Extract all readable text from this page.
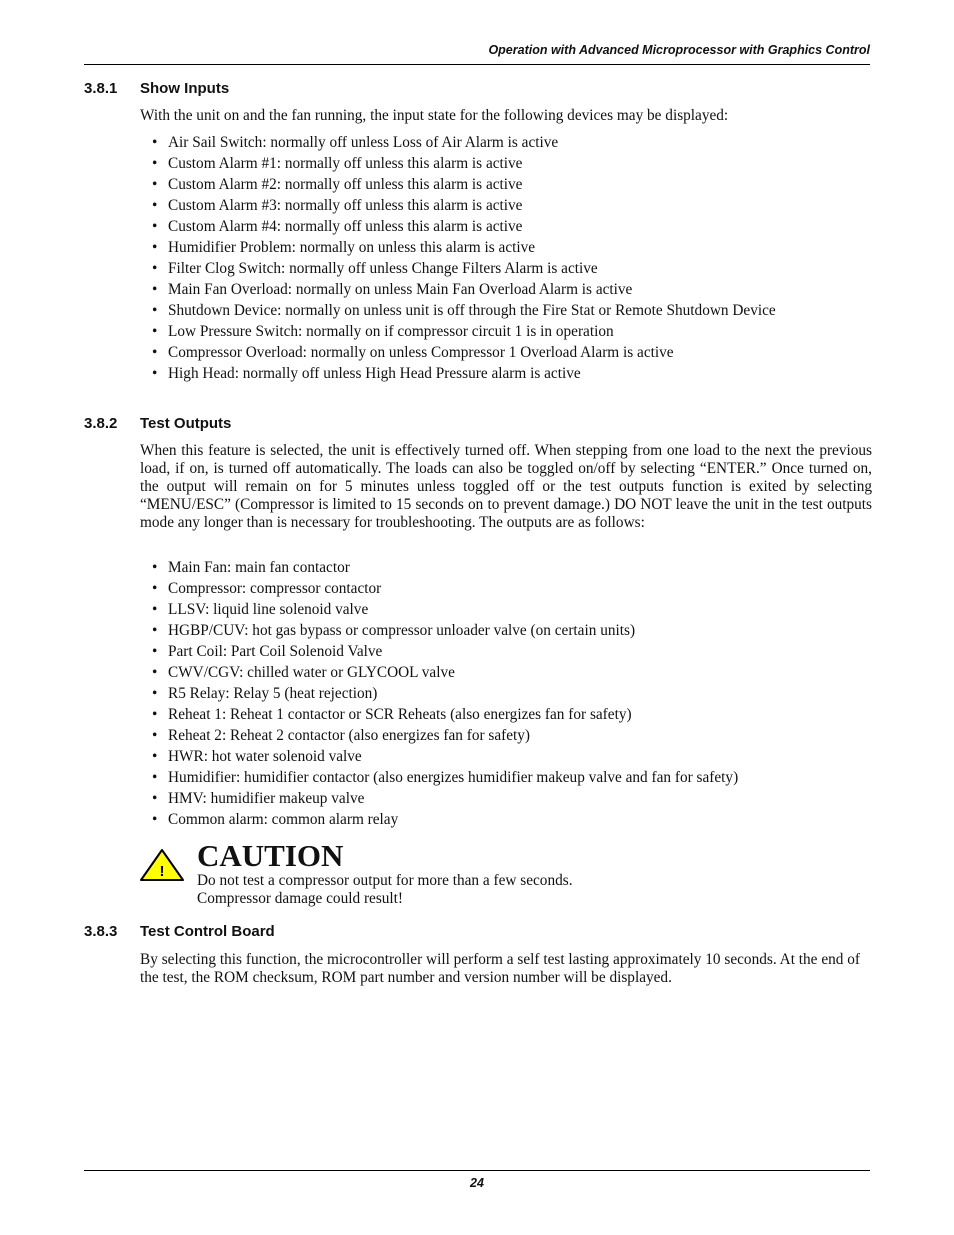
Operation with Advanced Microprocessor with Graphics Control
3.8.1 Show Inputs

With the unit on and the fan running, the input state for the following devices may be displayed:

• Air Sail Switch: normally off unless Loss of Air Alarm is active
• Custom Alarm #1: normally off unless this alarm is active
• Custom Alarm #2: normally off unless this alarm is active
• Custom Alarm #3: normally off unless this alarm is active
• Custom Alarm #4: normally off unless this alarm is active
• Humidifier Problem: normally on unless this alarm is active
• Filter Clog Switch: normally off unless Change Filters Alarm is active
• Main Fan Overload: normally on unless Main Fan Overload Alarm is active
• Shutdown Device: normally on unless unit is off through the Fire Stat or Remote Shutdown Device
• Low Pressure Switch: normally on if compressor circuit 1 is in operation
• Compressor Overload: normally on unless Compressor 1 Overload Alarm is active
• High Head: normally off unless High Head Pressure alarm is active
3.8.2 Test Outputs

When this feature is selected, the unit is effectively turned off. When stepping from one load to the next the previous load, if on, is turned off automatically. The loads can also be toggled on/off by selecting “ENTER.” Once turned on, the output will remain on for 5 minutes unless toggled off or the test outputs function is exited by selecting “MENU/ESC” (Compressor is limited to 15 seconds on to prevent damage.) DO NOT leave the unit in the test outputs mode any longer than is necessary for troubleshooting. The outputs are as follows:

• Main Fan: main fan contactor
• Compressor: compressor contactor
• LLSV: liquid line solenoid valve
• HGBP/CUV: hot gas bypass or compressor unloader valve (on certain units)
• Part Coil: Part Coil Solenoid Valve
• CWV/CGV: chilled water or GLYCOOL valve
• R5 Relay: Relay 5 (heat rejection)
• Reheat 1: Reheat 1 contactor or SCR Reheats (also energizes fan for safety)
• Reheat 2: Reheat 2 contactor (also energizes fan for safety)
• HWR: hot water solenoid valve
• Humidifier: humidifier contactor (also energizes humidifier makeup valve and fan for safety)
• HMV: humidifier makeup valve
• Common alarm: common alarm relay
! CAUTION

Do not test a compressor output for more than a few seconds.
Compressor damage could result!

3.8.3 Test Control Board

By selecting this function, the microcontroller will perform a self test lasting approximately 10 seconds. At the end of the test, the ROM checksum, ROM part number and version number will be displayed.

24
